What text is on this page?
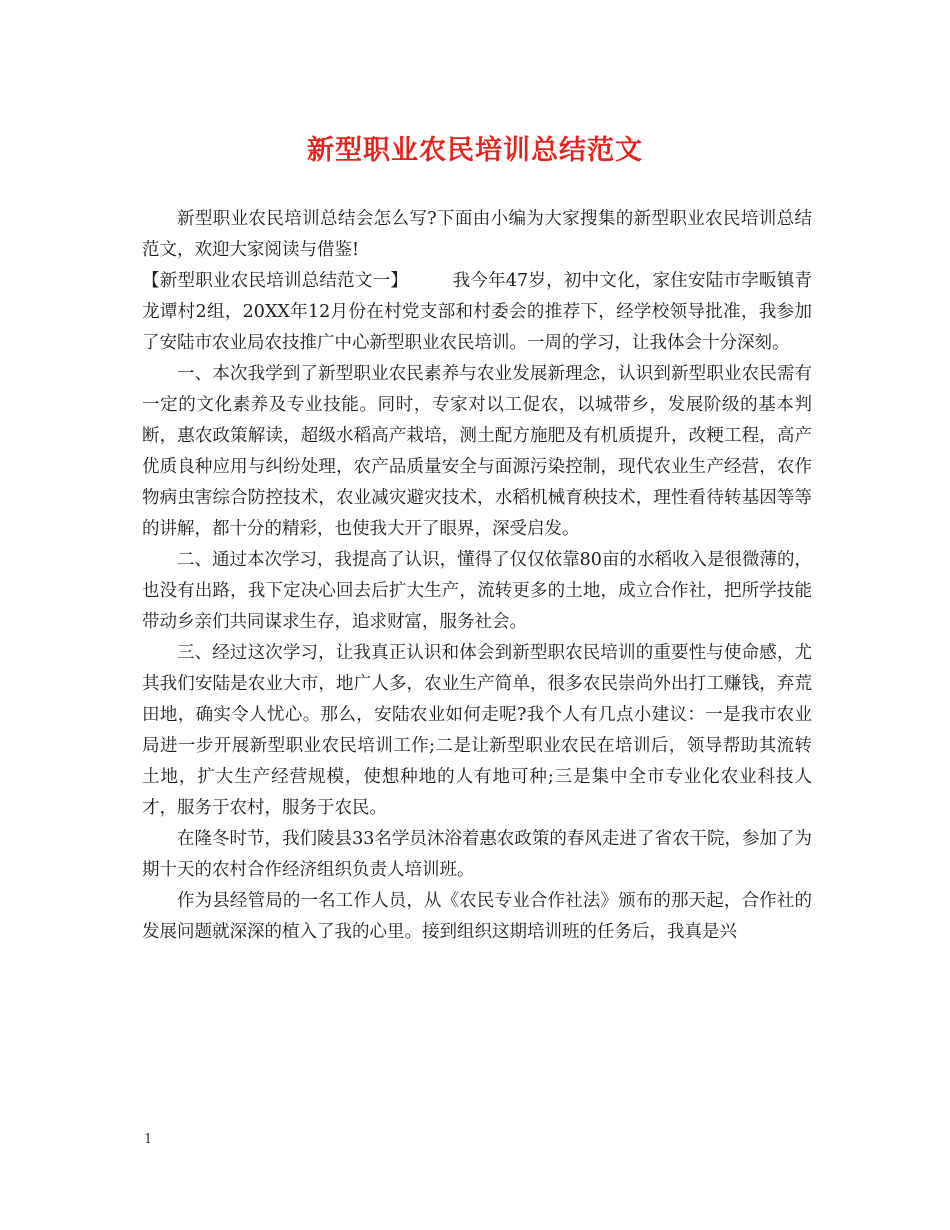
新型职业农民培训总结范文

新型职业农民培训总结会怎么写?下面由小编为大家搜集的新型职业农民培训总结范文，欢迎大家阅读与借鉴!

【新型职业农民培训总结范文一】　　　我今年47岁，初中文化，家住安陆市孛畈镇青龙谭村2组，20XX年12月份在村党支部和村委会的推荐下，经学校领导批准，我参加了安陆市农业局农技推广中心新型职业农民培训。一周的学习，让我体会十分深刻。

一、本次我学到了新型职业农民素养与农业发展新理念，认识到新型职业农民需有一定的文化素养及专业技能。同时，专家对以工促农，以城带乡，发展阶级的基本判断，惠农政策解读，超级水稻高产栽培，测土配方施肥及有机质提升，改粳工程，高产优质良种应用与纠纷处理，农产品质量安全与面源污染控制，现代农业生产经营，农作物病虫害综合防控技术，农业减灾避灾技术，水稻机械育秧技术，理性看待转基因等等的讲解，都十分的精彩，也使我大开了眼界，深受启发。

二、通过本次学习，我提高了认识，懂得了仅仅依靠80亩的水稻收入是很微薄的，也没有出路，我下定决心回去后扩大生产，流转更多的土地，成立合作社，把所学技能带动乡亲们共同谋求生存，追求财富，服务社会。

三、经过这次学习，让我真正认识和体会到新型职农民培训的重要性与使命感，尤其我们安陆是农业大市，地广人多，农业生产简单，很多农民崇尚外出打工赚钱，弃荒田地，确实令人忧心。那么，安陆农业如何走呢?我个人有几点小建议：一是我市农业局进一步开展新型职业农民培训工作;二是让新型职业农民在培训后，领导帮助其流转土地，扩大生产经营规模，使想种地的人有地可种;三是集中全市专业化农业科技人才，服务于农村，服务于农民。

在隆冬时节，我们陵县33名学员沐浴着惠农政策的春风走进了省农干院，参加了为期十天的农村合作经济组织负责人培训班。

作为县经管局的一名工作人员，从《农民专业合作社法》颁布的那天起，合作社的发展问题就深深的植入了我的心里。接到组织这期培训班的任务后，我真是兴

1
